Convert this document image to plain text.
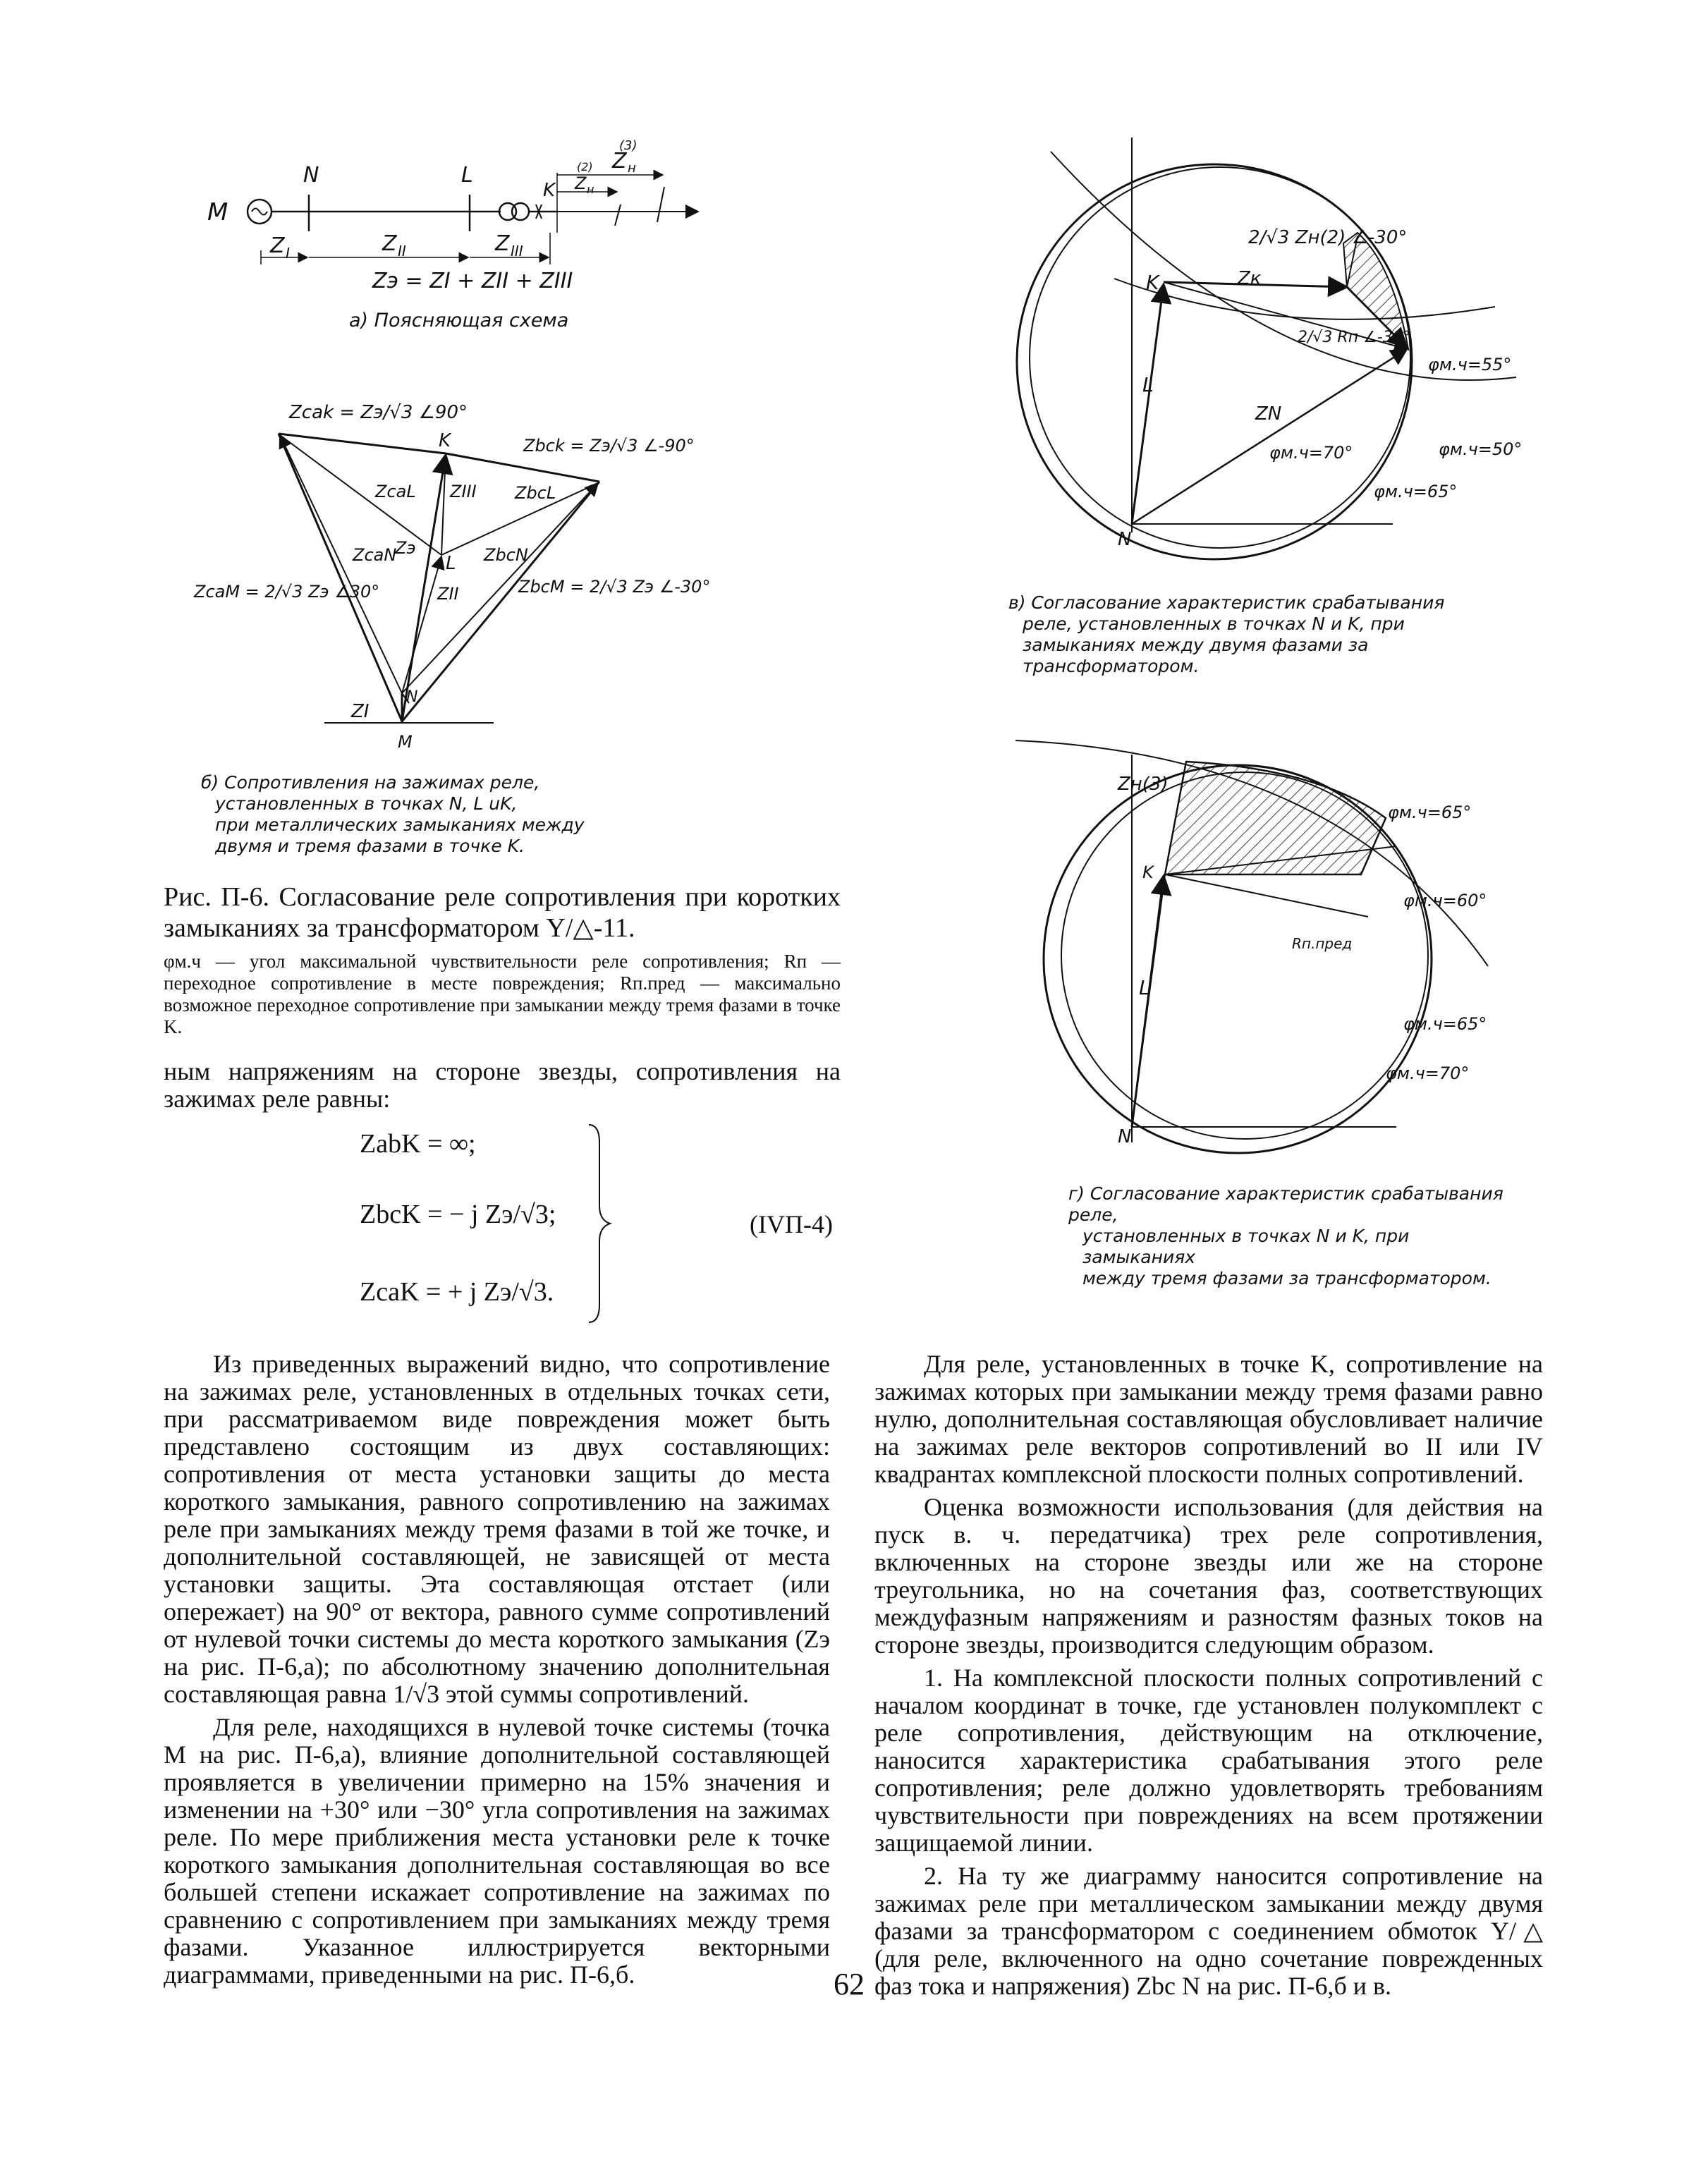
M
N	L
K
Z I	Z II	Z III
Z н
(2) Z н
(3)
Zэ = ZI + ZII + ZIII
а) Поясняющая схема
Zcak = Zэ/√3 ∠90°
Zbck = Zэ/√3 ∠-90°
K
ZcaL ZIII ZbcL
ZcaN
Zэ
L ZbcN
ZII
ZcaM = 2/√3 Zэ ∠30°	ZbcM = 2/√3 Zэ ∠-30°
N
ZI
M
б) Сопротивления на зажимах реле,
установленных в точках N, L uK,
при металлических замыканиях между
двумя и тремя фазами в точке K.
2/√3 Zн(2) ∠-30°
K	Zк
2/√3 Rп ∠-30°
L
ZN
N
φм.ч=55°
φм.ч=50°
φм.ч=70°
φм.ч=65°
в) Согласование характеристик срабатывания
реле, установленных в точках N и K, при
замыканиях между двумя фазами за
трансформатором.
Zн(3)
K
L
N
Rп.пред
φм.ч=65°
φм.ч=60°
φм.ч=65°
φм.ч=70°
г) Согласование характеристик срабатывания реле,
установленных в точках N и K, при замыканиях
между тремя фазами за трансформатором.

Рис. П-6. Согласование реле сопротивления при коротких замыканиях за трансформатором Y/△-11.

φм.ч — угол максимальной чувствительности реле сопротивления; Rп — переходное сопротивление в месте повреждения; Rп.пред — максимально возможное переходное сопротивление при замыкании между тремя фазами в точке K.

ным напряжениям на стороне звезды, сопротивления на зажимах реле равны:

ZabK = ∞;
ZbcK = − j Zэ/√3;
ZcaK = + j Zэ/√3.
(IVП-4)

Из приведенных выражений видно, что сопротивление на зажимах реле, установленных в отдельных точках сети, при рассматриваемом виде повреждения может быть представлено состоящим из двух составляющих: сопротивления от места установки защиты до места короткого замыкания, равного сопротивлению на зажимах реле при замыканиях между тремя фазами в той же точке, и дополнительной составляющей, не зависящей от места установки защиты. Эта составляющая отстает (или опережает) на 90° от вектора, равного сумме сопротивлений от нулевой точки системы до места короткого замыкания (Zэ на рис. П-6,а); по абсолютному значению дополнительная составляющая равна 1/√3 этой суммы сопротивлений.

Для реле, находящихся в нулевой точке системы (точка M на рис. П-6,а), влияние дополнительной составляющей проявляется в увеличении примерно на 15% значения и изменении на +30° или −30° угла сопротивления на зажимах реле. По мере приближения места установки реле к точке короткого замыкания дополнительная составляющая во все большей степени искажает сопротивление на зажимах по сравнению с сопротивлением при замыканиях между тремя фазами. Указанное иллюстрируется векторными диаграммами, приведенными на рис. П-6,б.

Для реле, установленных в точке K, сопротивление на зажимах которых при замыкании между тремя фазами равно нулю, дополнительная составляющая обусловливает наличие на зажимах реле векторов сопротивлений во II или IV квадрантах комплексной плоскости полных сопротивлений.

Оценка возможности использования (для действия на пуск в. ч. передатчика) трех реле сопротивления, включенных на стороне звезды или же на стороне треугольника, но на сочетания фаз, соответствующих междуфазным напряжениям и разностям фазных токов на стороне звезды, производится следующим образом.

1. На комплексной плоскости полных сопротивлений с началом координат в точке, где установлен полукомплект с реле сопротивления, действующим на отключение, наносится характеристика срабатывания этого реле сопротивления; реле должно удовлетворять требованиям чувствительности при повреждениях на всем протяжении защищаемой линии.

2. На ту же диаграмму наносится сопротивление на зажимах реле при металлическом замыкании между двумя фазами за трансформатором с соединением обмоток Y/△ (для реле, включенного на одно сочетание поврежденных фаз тока и напряжения) Zbc N на рис. П-6,б и в.

62
